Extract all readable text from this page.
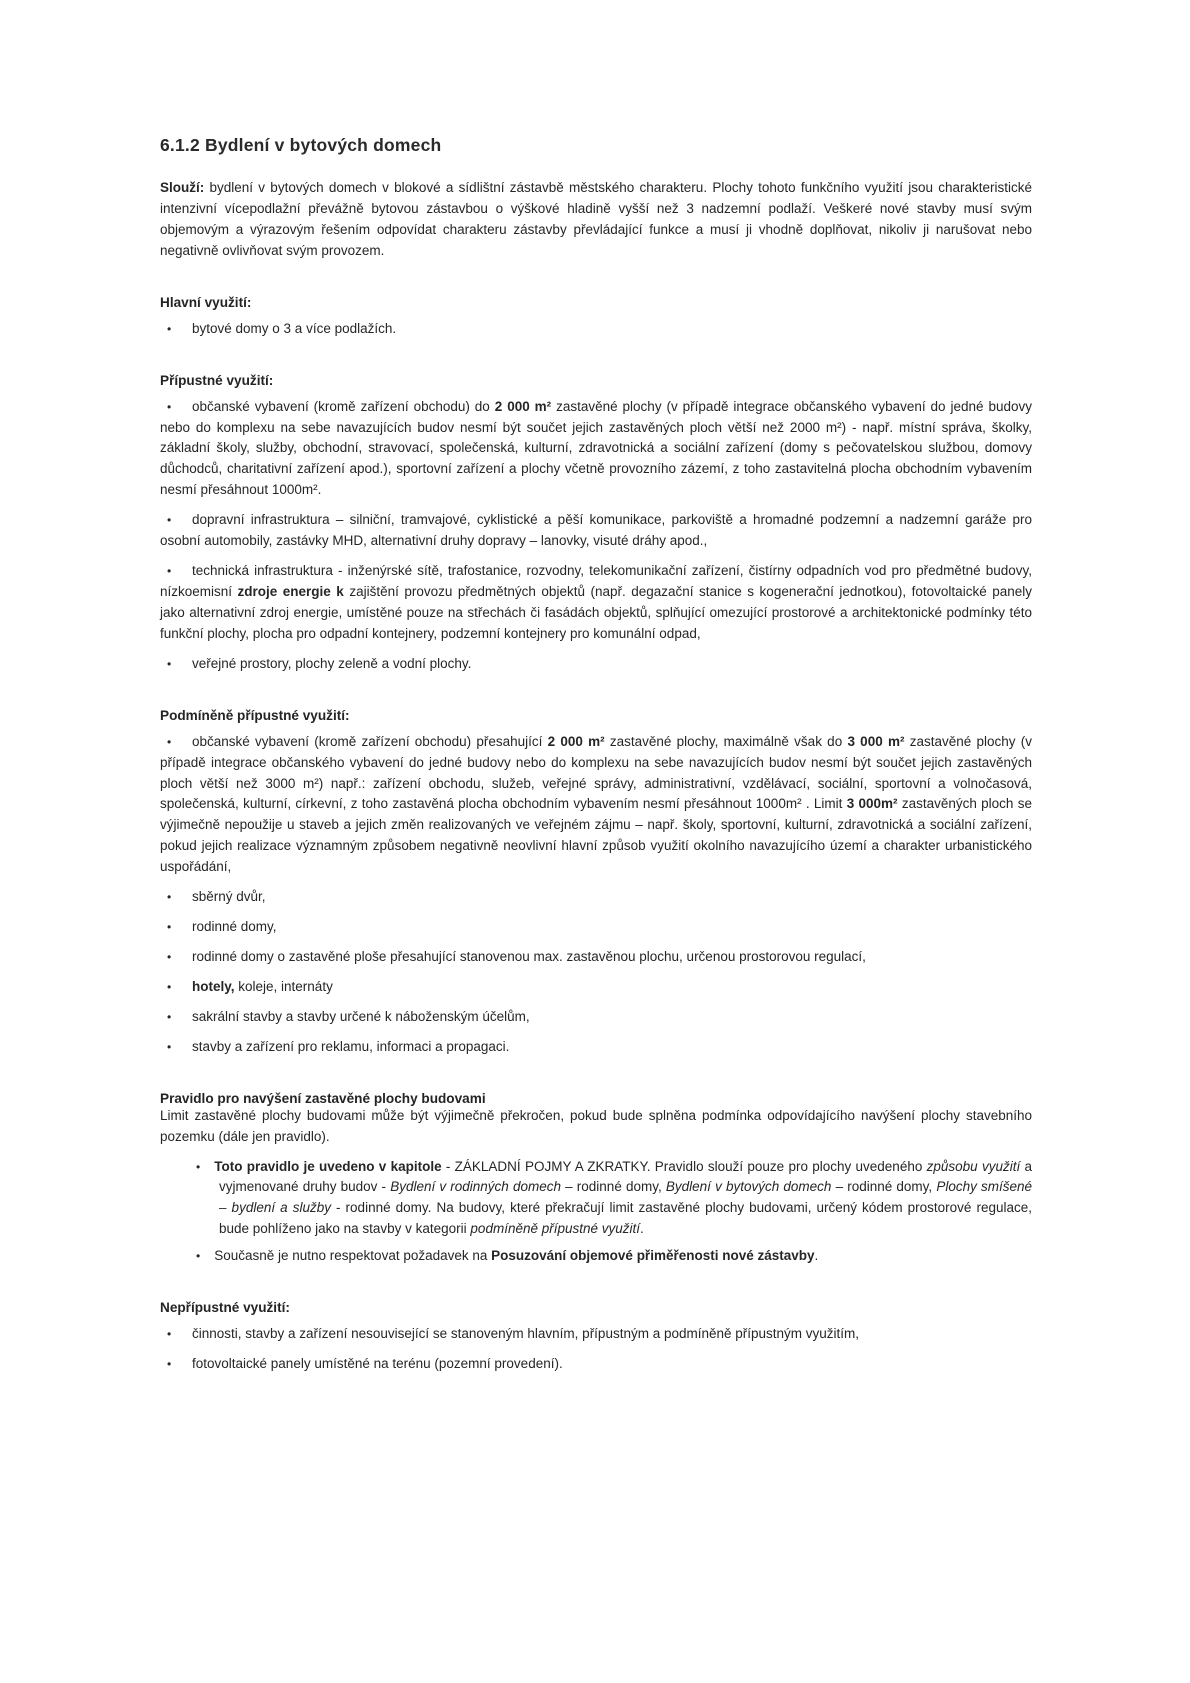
6.1.2 Bydlení v bytových domech

Slouží: bydlení v bytových domech v blokové a sídlištní zástavbě městského charakteru. Plochy tohoto funkčního využití jsou charakteristické intenzivní vícepodlažní převážně bytovou zástavbou o výškové hladině vyšší než 3 nadzemní podlaží. Veškeré nové stavby musí svým objemovým a výrazovým řešením odpovídat charakteru zástavby převládající funkce a musí ji vhodně doplňovat, nikoliv ji narušovat nebo negativně ovlivňovat svým provozem.

Hlavní využití:
• bytové domy o 3 a více podlažích.
Přípustné využití:
• občanské vybavení (kromě zařízení obchodu) do 2 000 m² zastavěné plochy (v případě integrace občanského vybavení do jedné budovy nebo do komplexu na sebe navazujících budov nesmí být součet jejich zastavěných ploch větší než 2000 m²) - např. místní správa, školky, základní školy, služby, obchodní, stravovací, společenská, kulturní, zdravotnická a sociální zařízení (domy s pečovatelskou službou, domovy důchodců, charitativní zařízení apod.), sportovní zařízení a plochy včetně provozního zázemí, z toho zastavitelná plocha obchodním vybavením nesmí přesáhnout 1000m².
• dopravní infrastruktura – silniční, tramvajové, cyklistické a pěší komunikace, parkoviště a hromadné podzemní a nadzemní garáže pro osobní automobily, zastávky MHD, alternativní druhy dopravy – lanovky, visuté dráhy apod.,
• technická infrastruktura - inženýrské sítě, trafostanice, rozvodny, telekomunikační zařízení, čistírny odpadních vod pro předmětné budovy, nízkoemisní zdroje energie k zajištění provozu předmětných objektů (např. degazační stanice s kogenerační jednotkou), fotovoltaické panely jako alternativní zdroj energie, umístěné pouze na střechách či fasádách objektů, splňující omezující prostorové a architektonické podmínky této funkční plochy, plocha pro odpadní kontejnery, podzemní kontejnery pro komunální odpad,
• veřejné prostory, plochy zeleně a vodní plochy.
Podmíněně přípustné využití:
• občanské vybavení (kromě zařízení obchodu) přesahující 2 000 m² zastavěné plochy, maximálně však do 3 000 m² zastavěné plochy (v případě integrace občanského vybavení do jedné budovy nebo do komplexu na sebe navazujících budov nesmí být součet jejich zastavěných ploch větší než 3000 m²) např.: zařízení obchodu, služeb, veřejné správy, administrativní, vzdělávací, sociální, sportovní a volnočasová, společenská, kulturní, církevní, z toho zastavěná plocha obchodním vybavením nesmí přesáhnout 1000m² . Limit 3 000m² zastavěných ploch se výjimečně nepoužije u staveb a jejich změn realizovaných ve veřejném zájmu – např. školy, sportovní, kulturní, zdravotnická a sociální zařízení, pokud jejich realizace významným způsobem negativně neovlivní hlavní způsob využití okolního navazujícího území a charakter urbanistického uspořádání,
• sběrný dvůr,
• rodinné domy,
• rodinné domy o zastavěné ploše přesahující stanovenou max. zastavěnou plochu, určenou prostorovou regulací,
• hotely, koleje, internáty
• sakrální stavby a stavby určené k náboženským účelům,
• stavby a zařízení pro reklamu, informaci a propagaci.
Pravidlo pro navýšení zastavěné plochy budovami

Limit zastavěné plochy budovami může být výjimečně překročen, pokud bude splněna podmínka odpovídajícího navýšení plochy stavebního pozemku (dále jen pravidlo).

• Toto pravidlo je uvedeno v kapitole - ZÁKLADNÍ POJMY A ZKRATKY. Pravidlo slouží pouze pro plochy uvedeného způsobu využití a vyjmenované druhy budov - Bydlení v rodinných domech – rodinné domy, Bydlení v bytových domech – rodinné domy, Plochy smíšené – bydlení a služby - rodinné domy. Na budovy, které překračují limit zastavěné plochy budovami, určený kódem prostorové regulace, bude pohlíženo jako na stavby v kategorii podmíněně přípustné využití.
• Současně je nutno respektovat požadavek na Posuzování objemové přiměřenosti nové zástavby.
Nepřípustné využití:
• činnosti, stavby a zařízení nesouvisející se stanoveným hlavním, přípustným a podmíněně přípustným využitím,
• fotovoltaické panely umístěné na terénu (pozemní provedení).
